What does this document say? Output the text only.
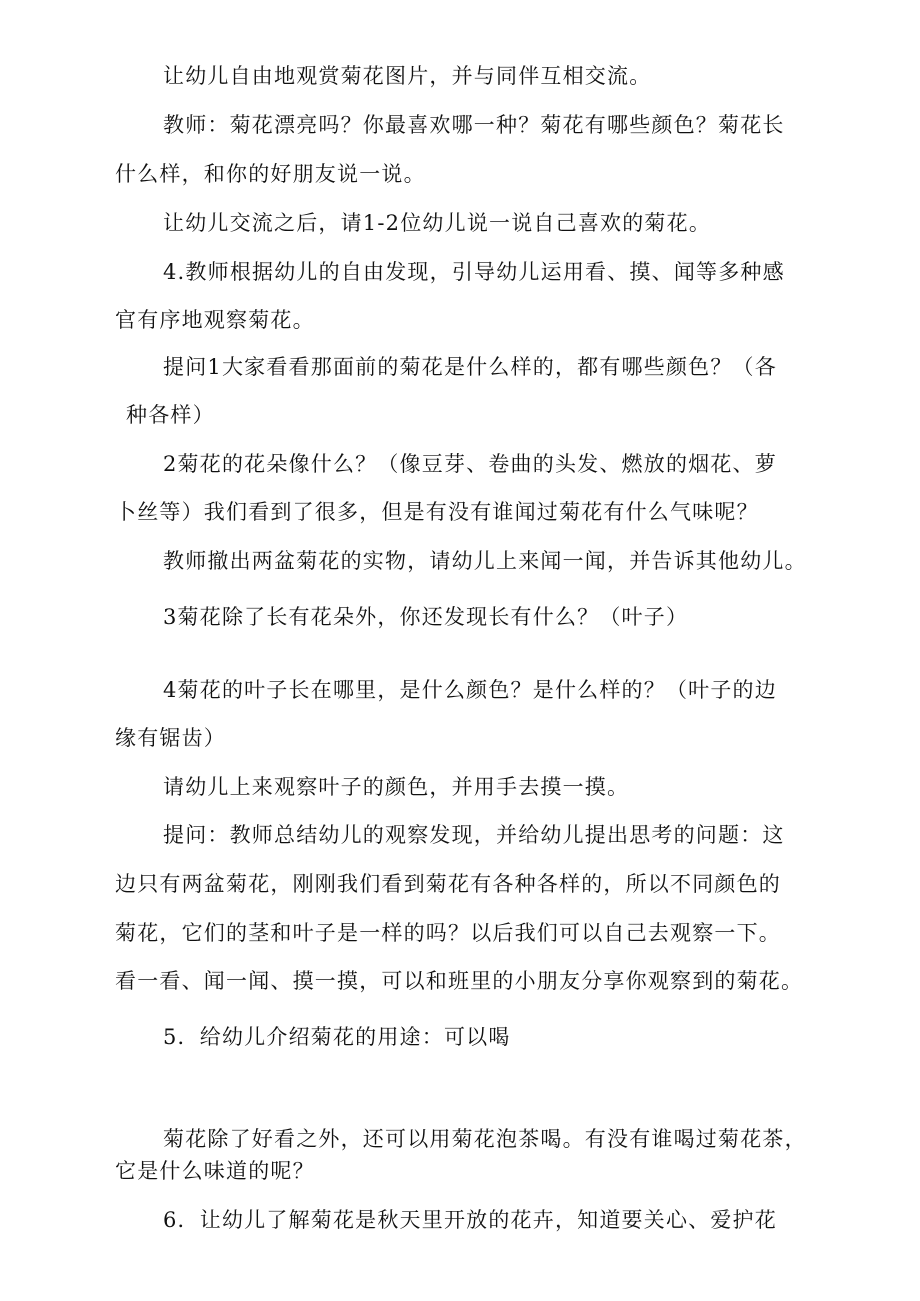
让幼儿自由地观赏菊花图片，并与同伴互相交流。
教师：菊花漂亮吗？你最喜欢哪一种？菊花有哪些颜色？菊花长
什么样，和你的好朋友说一说。
让幼儿交流之后，请1-2位幼儿说一说自己喜欢的菊花。
4.教师根据幼儿的自由发现，引导幼儿运用看、摸、闻等多种感
官有序地观察菊花。
提问1大家看看那面前的菊花是什么样的，都有哪些颜色？（各
种各样）
2菊花的花朵像什么？（像豆芽、卷曲的头发、燃放的烟花、萝
卜丝等）我们看到了很多，但是有没有谁闻过菊花有什么气味呢？
教师撤出两盆菊花的实物，请幼儿上来闻一闻，并告诉其他幼儿。
3菊花除了长有花朵外，你还发现长有什么？（叶子）
4菊花的叶子长在哪里，是什么颜色？是什么样的？（叶子的边
缘有锯齿）
请幼儿上来观察叶子的颜色，并用手去摸一摸。
提问：教师总结幼儿的观察发现，并给幼儿提出思考的问题：这
边只有两盆菊花，刚刚我们看到菊花有各种各样的，所以不同颜色的
菊花，它们的茎和叶子是一样的吗？以后我们可以自己去观察一下。
看一看、闻一闻、摸一摸，可以和班里的小朋友分享你观察到的菊花。
5．给幼儿介绍菊花的用途：可以喝
菊花除了好看之外，还可以用菊花泡茶喝。有没有谁喝过菊花茶，
它是什么味道的呢？
6．让幼儿了解菊花是秋天里开放的花卉，知道要关心、爱护花
